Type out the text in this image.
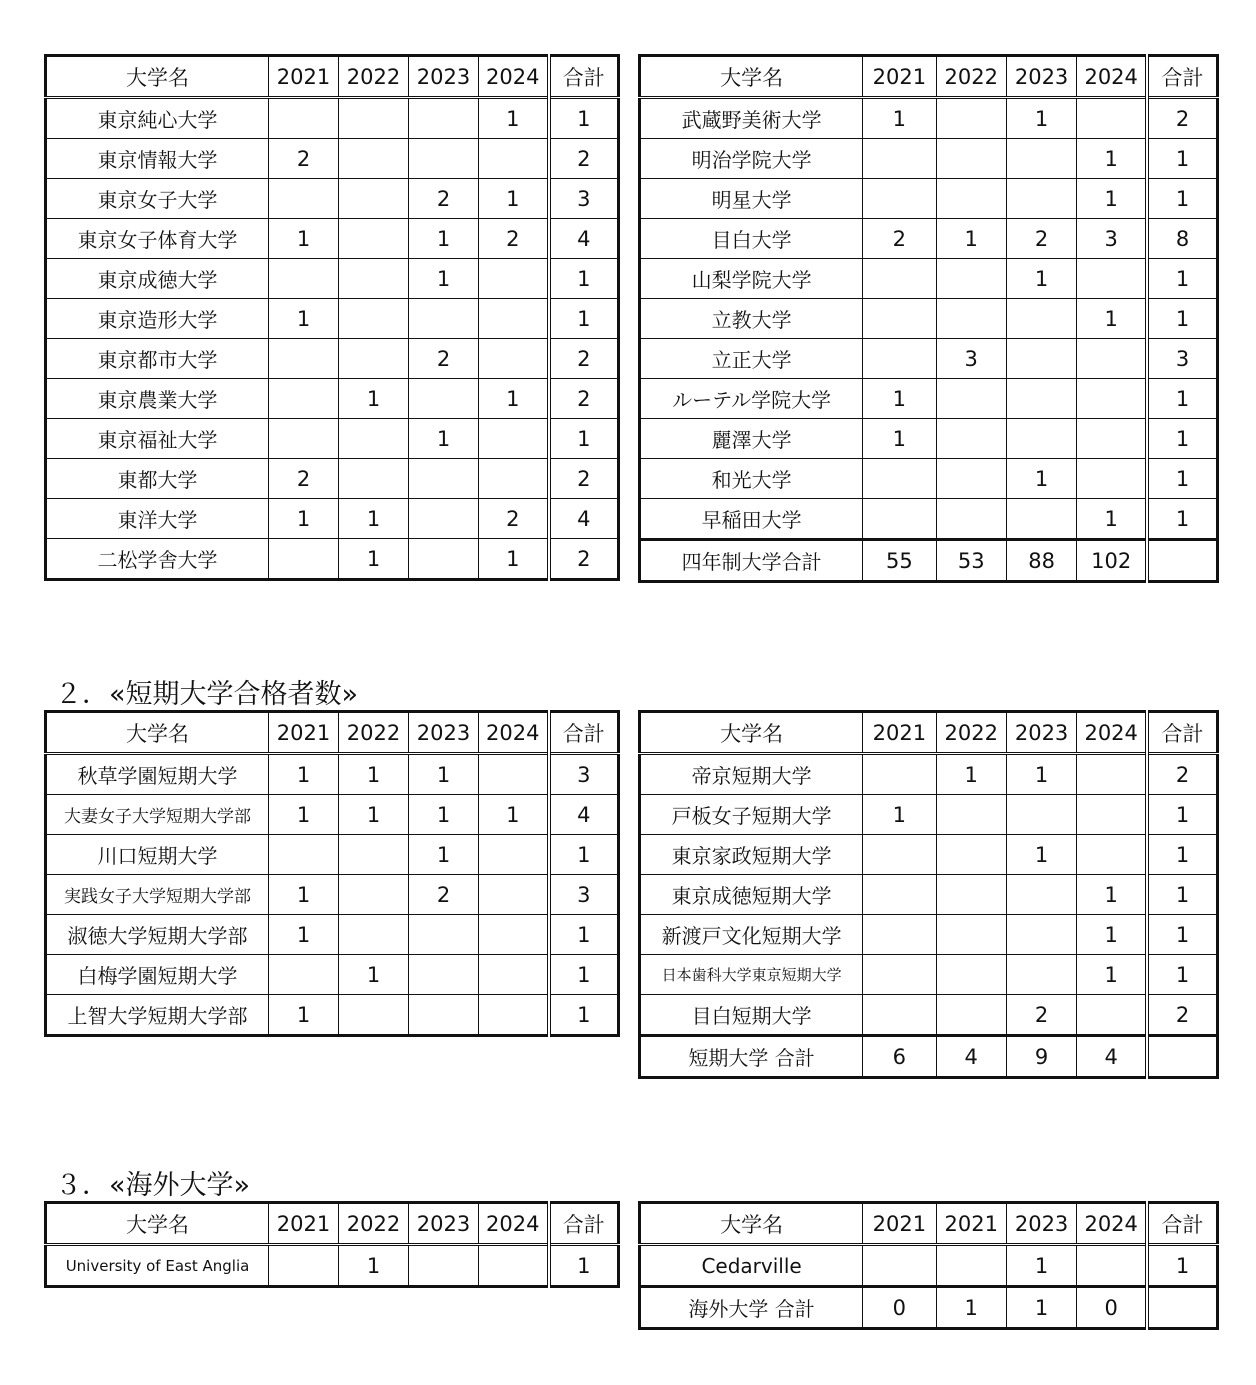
大学名	2021	2022	2023	2024	合計
東京純心大学				1	1
東京情報大学	2				2
東京女子大学			2	1	3
東京女子体育大学	1		1	2	4
東京成徳大学			1		1
東京造形大学	1				1
東京都市大学			2		2
東京農業大学		1		1	2
東京福祉大学			1		1
東都大学	2				2
東洋大学	1	1		2	4
二松学舎大学		1		1	2
大学名	2021	2022	2023	2024	合計
武蔵野美術大学	1		1		2
明治学院大学				1	1
明星大学				1	1
目白大学	2	1	2	3	8
山梨学院大学			1		1
立教大学				1	1
立正大学		3			3
ルーテル学院大学	1				1
麗澤大学	1				1
和光大学			1		1
早稲田大学				1	1
四年制大学合計	55	53	88	102	
２．«短期大学合格者数»
大学名	2021	2022	2023	2024	合計
秋草学園短期大学	1	1	1		3
大妻女子大学短期大学部	1	1	1	1	4
川口短期大学			1		1
実践女子大学短期大学部	1		2		3
淑徳大学短期大学部	1				1
白梅学園短期大学		1			1
上智大学短期大学部	1				1
大学名	2021	2022	2023	2024	合計
帝京短期大学		1	1		2
戸板女子短期大学	1				1
東京家政短期大学			1		1
東京成徳短期大学				1	1
新渡戸文化短期大学				1	1
日本歯科大学東京短期大学				1	1
目白短期大学			2		2
短期大学 合計	6	4	9	4	
３．«海外大学»
大学名	2021	2022	2023	2024	合計
University of East Anglia		1			1
大学名	2021	2021	2023	2024	合計
Cedarville			1		1
海外大学 合計	0	1	1	0	
